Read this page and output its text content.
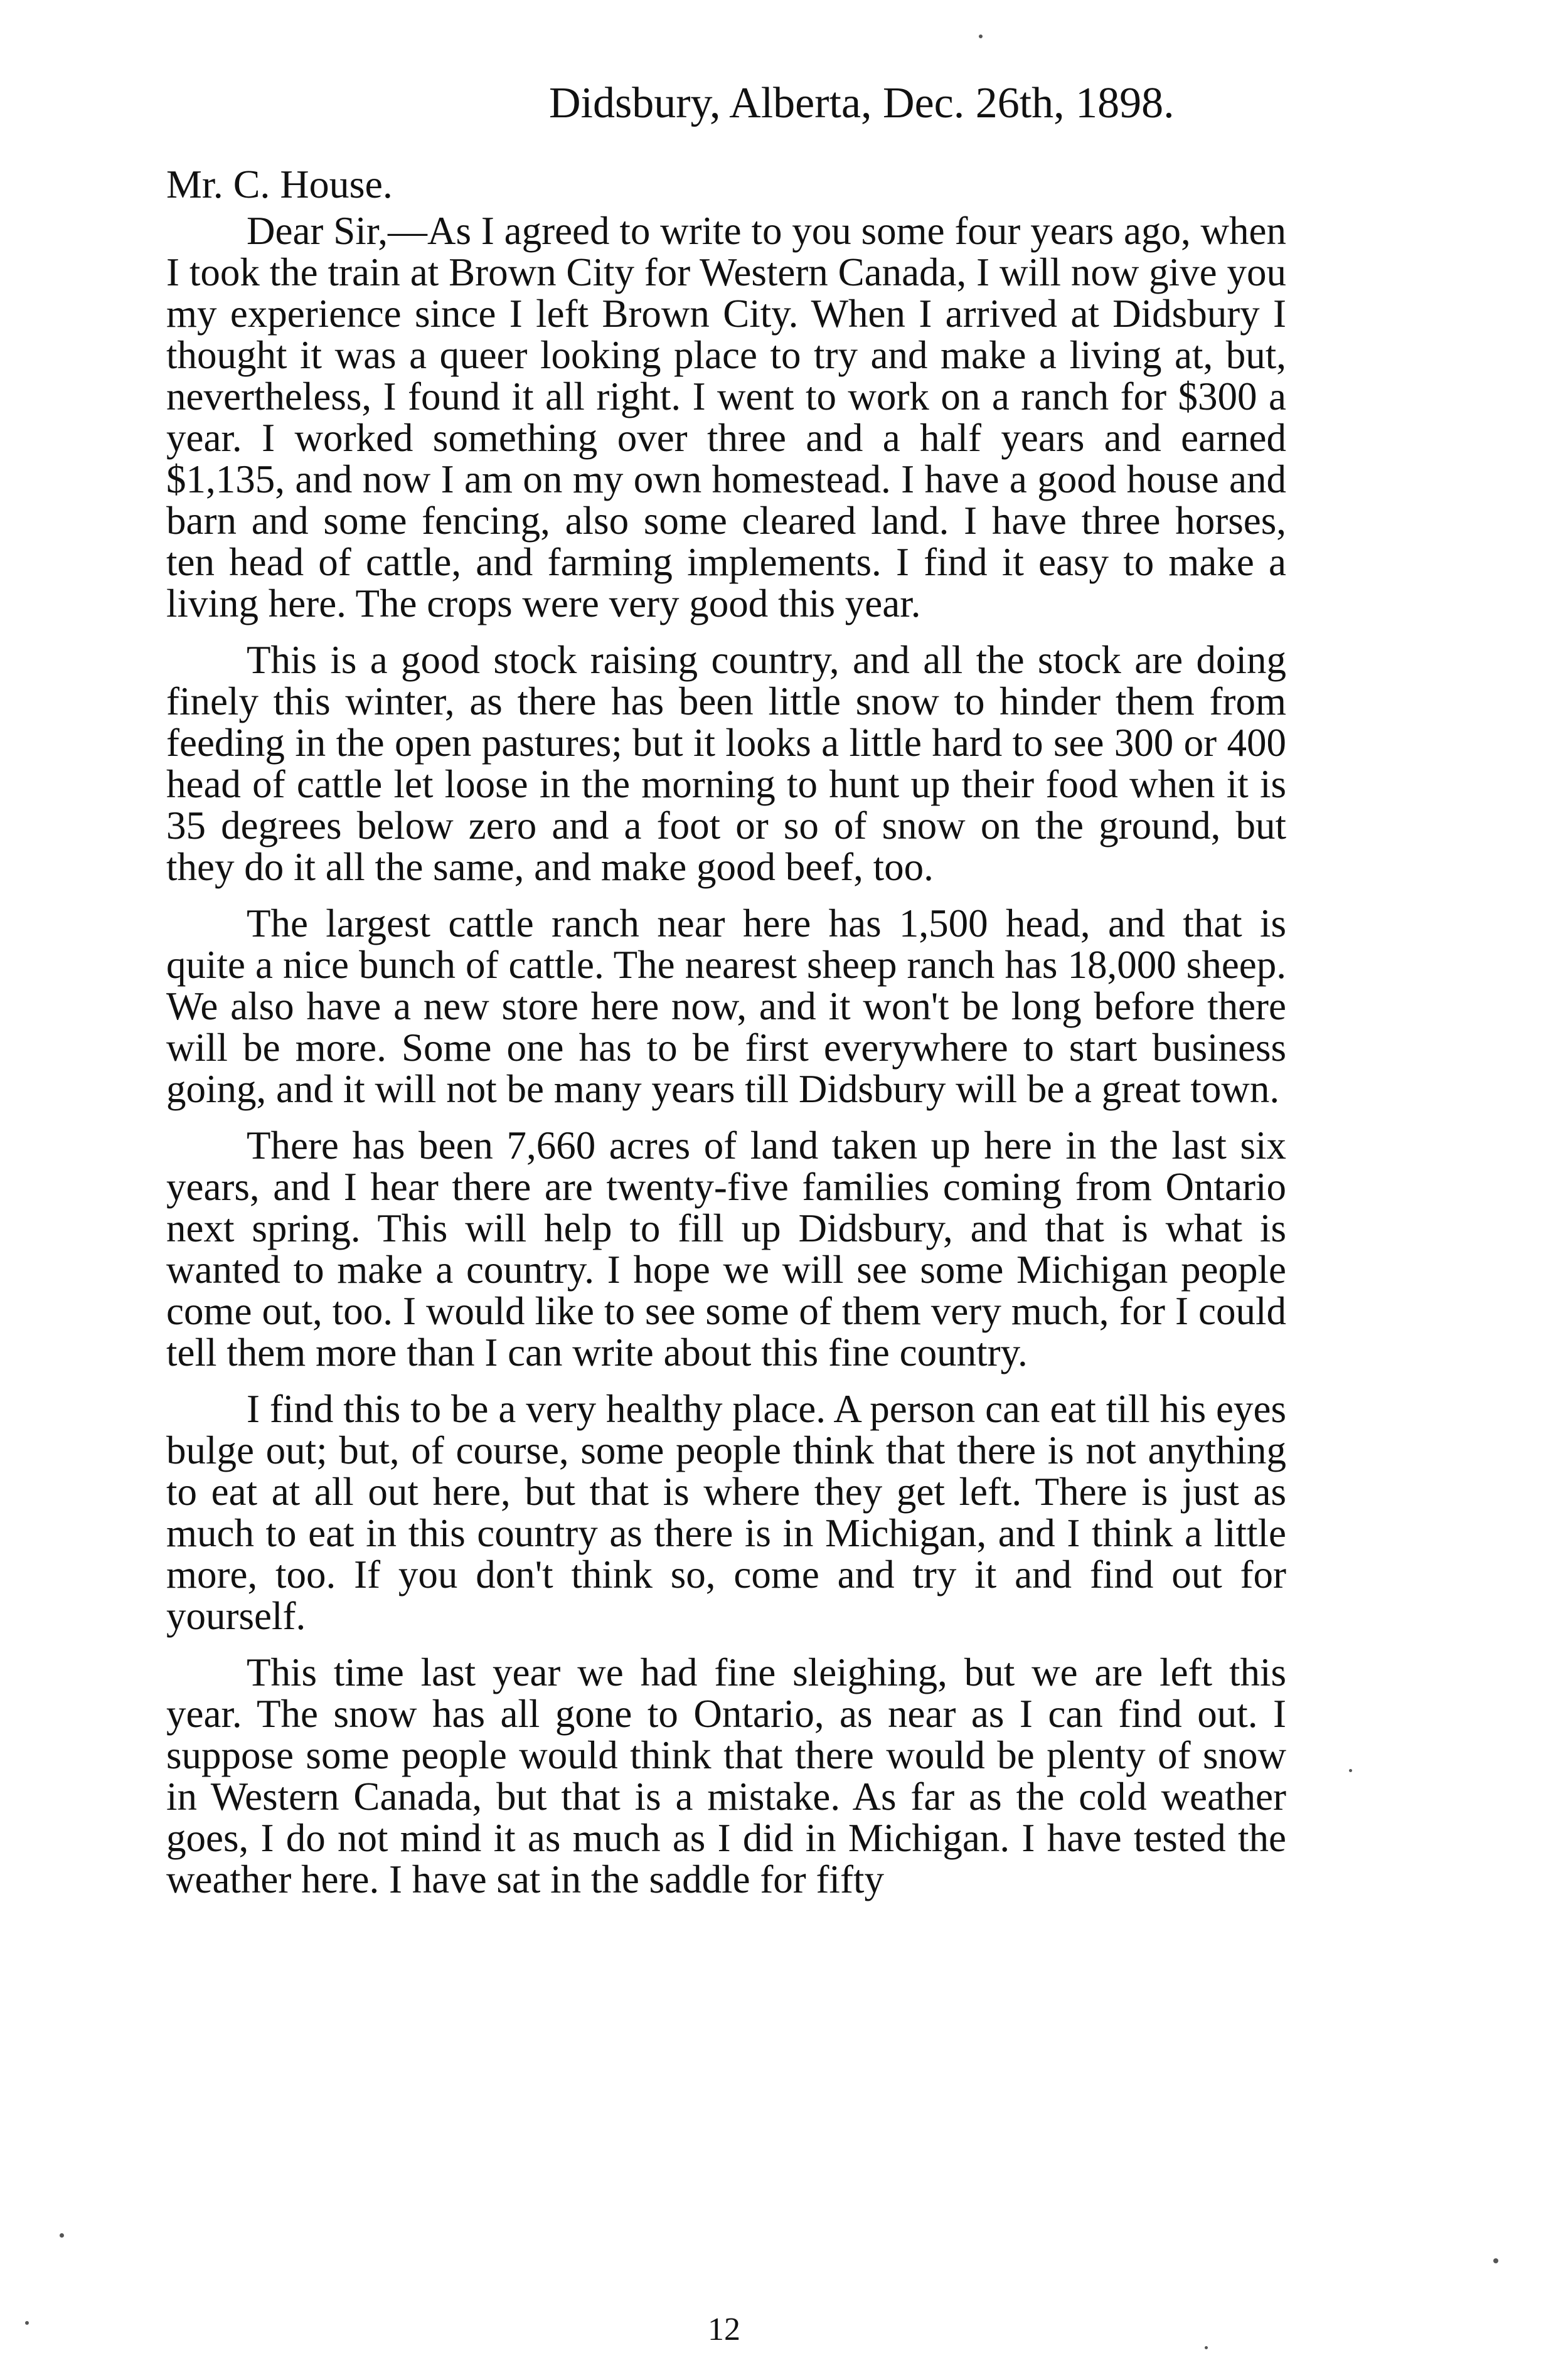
Didsbury, Alberta, Dec. 26th, 1898.
Mr. C. House.

Dear Sir,—As I agreed to write to you some four years ago, when I took the train at Brown City for Western Canada, I will now give you my experience since I left Brown City. When I arrived at Didsbury I thought it was a queer looking place to try and make a living at, but, nevertheless, I found it all right. I went to work on a ranch for $300 a year. I worked something over three and a half years and earned $1,135, and now I am on my own homestead. I have a good house and barn and some fencing, also some cleared land. I have three horses, ten head of cattle, and farming implements. I find it easy to make a living here. The crops were very good this year.

This is a good stock raising country, and all the stock are doing finely this winter, as there has been little snow to hinder them from feeding in the open pastures; but it looks a little hard to see 300 or 400 head of cattle let loose in the morning to hunt up their food when it is 35 degrees below zero and a foot or so of snow on the ground, but they do it all the same, and make good beef, too.

The largest cattle ranch near here has 1,500 head, and that is quite a nice bunch of cattle. The nearest sheep ranch has 18,000 sheep. We also have a new store here now, and it won't be long before there will be more. Some one has to be first everywhere to start business going, and it will not be many years till Didsbury will be a great town.

There has been 7,660 acres of land taken up here in the last six years, and I hear there are twenty-five families coming from Ontario next spring. This will help to fill up Didsbury, and that is what is wanted to make a country. I hope we will see some Michigan people come out, too. I would like to see some of them very much, for I could tell them more than I can write about this fine country.

I find this to be a very healthy place. A person can eat till his eyes bulge out; but, of course, some people think that there is not anything to eat at all out here, but that is where they get left. There is just as much to eat in this country as there is in Michigan, and I think a little more, too. If you don't think so, come and try it and find out for yourself.

This time last year we had fine sleighing, but we are left this year. The snow has all gone to Ontario, as near as I can find out. I suppose some people would think that there would be plenty of snow in Western Canada, but that is a mistake. As far as the cold weather goes, I do not mind it as much as I did in Michigan. I have tested the weather here. I have sat in the saddle for fifty

12
